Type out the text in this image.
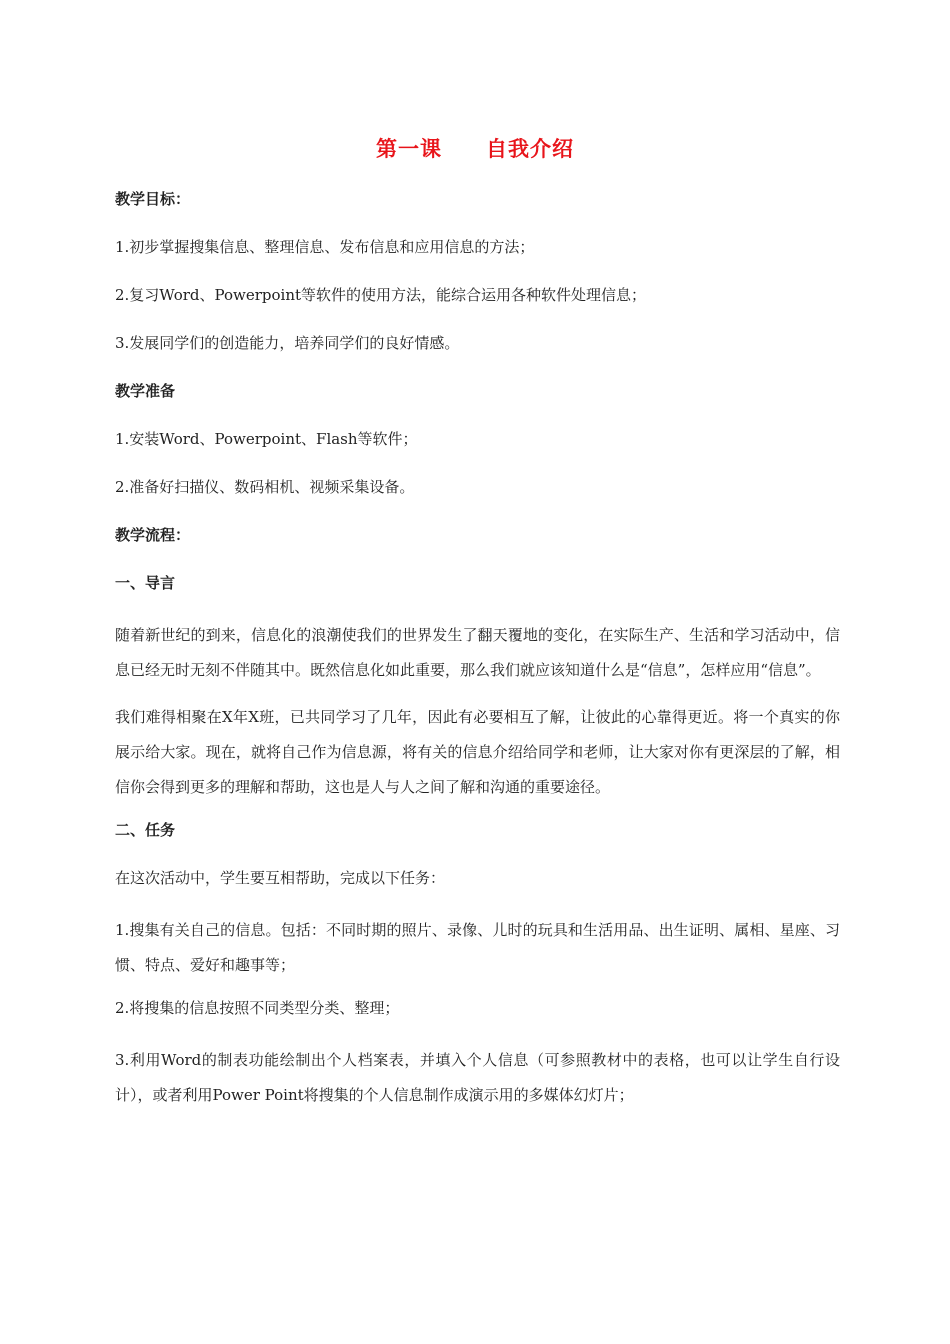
第一课　　自我介绍
教学目标：
1.初步掌握搜集信息、整理信息、发布信息和应用信息的方法；
2.复习Word、Powerpoint等软件的使用方法，能综合运用各种软件处理信息；
3.发展同学们的创造能力，培养同学们的良好情感。
教学准备
1.安装Word、Powerpoint、Flash等软件；
2.准备好扫描仪、数码相机、视频采集设备。
教学流程：
一、导言
随着新世纪的到来，信息化的浪潮使我们的世界发生了翻天覆地的变化，在实际生产、生活和学习活动中，信息已经无时无刻不伴随其中。既然信息化如此重要，那么我们就应该知道什么是“信息”，怎样应用“信息”。
我们难得相聚在X年X班，已共同学习了几年，因此有必要相互了解，让彼此的心靠得更近。将一个真实的你展示给大家。现在，就将自己作为信息源，将有关的信息介绍给同学和老师，让大家对你有更深层的了解，相信你会得到更多的理解和帮助，这也是人与人之间了解和沟通的重要途径。
二、任务
在这次活动中，学生要互相帮助，完成以下任务：
1.搜集有关自己的信息。包括：不同时期的照片、录像、儿时的玩具和生活用品、出生证明、属相、星座、习惯、特点、爱好和趣事等；
2.将搜集的信息按照不同类型分类、整理；
3.利用Word的制表功能绘制出个人档案表，并填入个人信息（可参照教材中的表格，也可以让学生自行设计），或者利用Power Point将搜集的个人信息制作成演示用的多媒体幻灯片；
